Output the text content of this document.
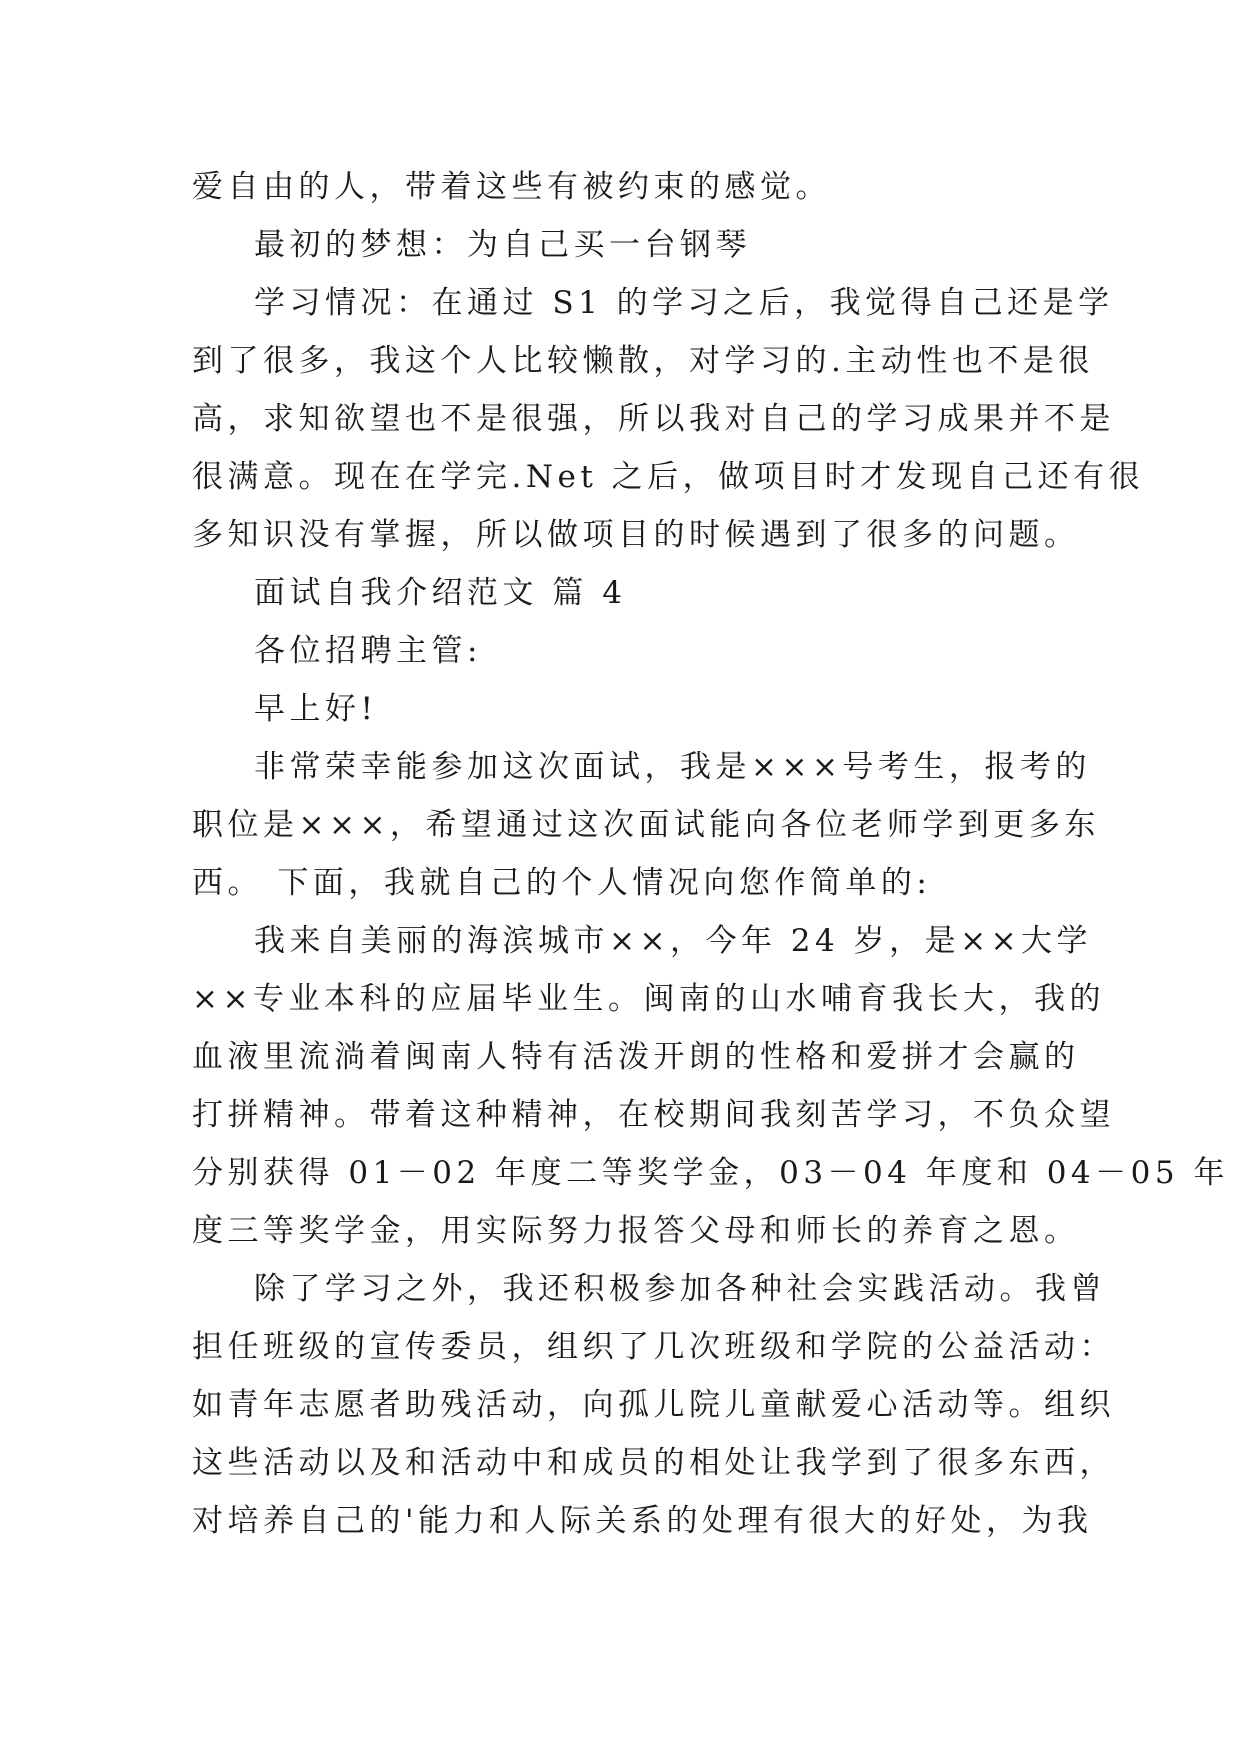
爱自由的人，带着这些有被约束的感觉。
最初的梦想：为自己买一台钢琴
学习情况：在通过 S1 的学习之后，我觉得自己还是学
到了很多，我这个人比较懒散，对学习的.主动性也不是很
高，求知欲望也不是很强，所以我对自己的学习成果并不是
很满意。现在在学完.Net 之后，做项目时才发现自己还有很
多知识没有掌握，所以做项目的时候遇到了很多的问题。
面试自我介绍范文 篇 4
各位招聘主管:
早上好!
非常荣幸能参加这次面试，我是×××号考生，报考的
职位是×××，希望通过这次面试能向各位老师学到更多东
西。 下面，我就自己的个人情况向您作简单的:
我来自美丽的海滨城市××，今年 24 岁，是××大学
××专业本科的应届毕业生。闽南的山水哺育我长大，我的
血液里流淌着闽南人特有活泼开朗的性格和爱拼才会赢的
打拼精神。带着这种精神，在校期间我刻苦学习，不负众望
分别获得 01－02 年度二等奖学金，03－04 年度和 04－05 年
度三等奖学金，用实际努力报答父母和师长的养育之恩。
除了学习之外，我还积极参加各种社会实践活动。我曾
担任班级的宣传委员，组织了几次班级和学院的公益活动：
如青年志愿者助残活动，向孤儿院儿童献爱心活动等。组织
这些活动以及和活动中和成员的相处让我学到了很多东西，
对培养自己的'能力和人际关系的处理有很大的好处，为我
